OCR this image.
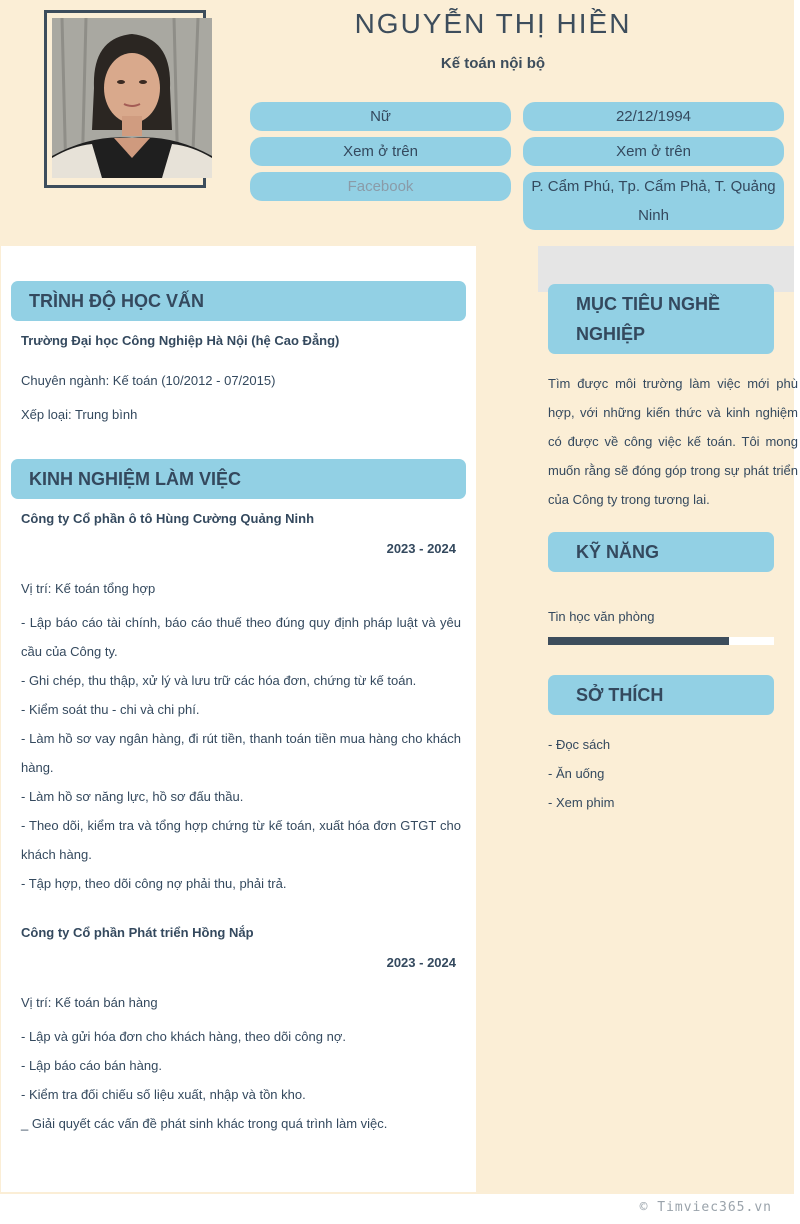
NGUYỄN THỊ HIỀN
Kế toán nội bộ
Nữ	22/12/1994
Xem ở trên	Xem ở trên
Facebook	P. Cẩm Phú, Tp. Cẩm Phả, T. Quảng Ninh
TRÌNH ĐỘ HỌC VẤN
Trường Đại học Công Nghiệp Hà Nội (hệ Cao Đẳng)
Chuyên ngành: Kế toán (10/2012 - 07/2015)
Xếp loại: Trung bình
KINH NGHIỆM LÀM VIỆC
Công ty Cổ phần ô tô Hùng Cường Quảng Ninh
2023 - 2024
Vị trí: Kế toán tổng hợp
- Lập báo cáo tài chính, báo cáo thuế theo đúng quy định pháp luật và yêu cầu của Công ty.
- Ghi chép, thu thập, xử lý và lưu trữ các hóa đơn, chứng từ kế toán.
- Kiểm soát thu - chi và chi phí.
- Làm hồ sơ vay ngân hàng, đi rút tiền, thanh toán tiền mua hàng cho khách hàng.
- Làm hồ sơ năng lực, hồ sơ đấu thầu.
- Theo dõi, kiểm tra và tổng hợp chứng từ kế toán, xuất hóa đơn GTGT cho khách hàng.
- Tập hợp, theo dõi công nợ phải thu, phải trả.
Công ty Cổ phần Phát triển Hồng Nắp
2023 - 2024
Vị trí: Kế toán bán hàng
- Lập và gửi hóa đơn cho khách hàng, theo dõi công nợ.
- Lập báo cáo bán hàng.
- Kiểm tra đối chiếu số liệu xuất, nhập và tồn kho.
_ Giải quyết các vấn đề phát sinh khác trong quá trình làm việc.
MỤC TIÊU NGHỀ NGHIỆP
Tìm được môi trường làm việc mới phù hợp, với những kiến thức và kinh nghiệm có được về công việc kế toán. Tôi mong muốn rằng sẽ đóng góp trong sự phát triển của Công ty trong tương lai.
KỸ NĂNG
Tin học văn phòng
SỞ THÍCH
- Đọc sách
- Ăn uống
- Xem phim
© Timviec365.vn
